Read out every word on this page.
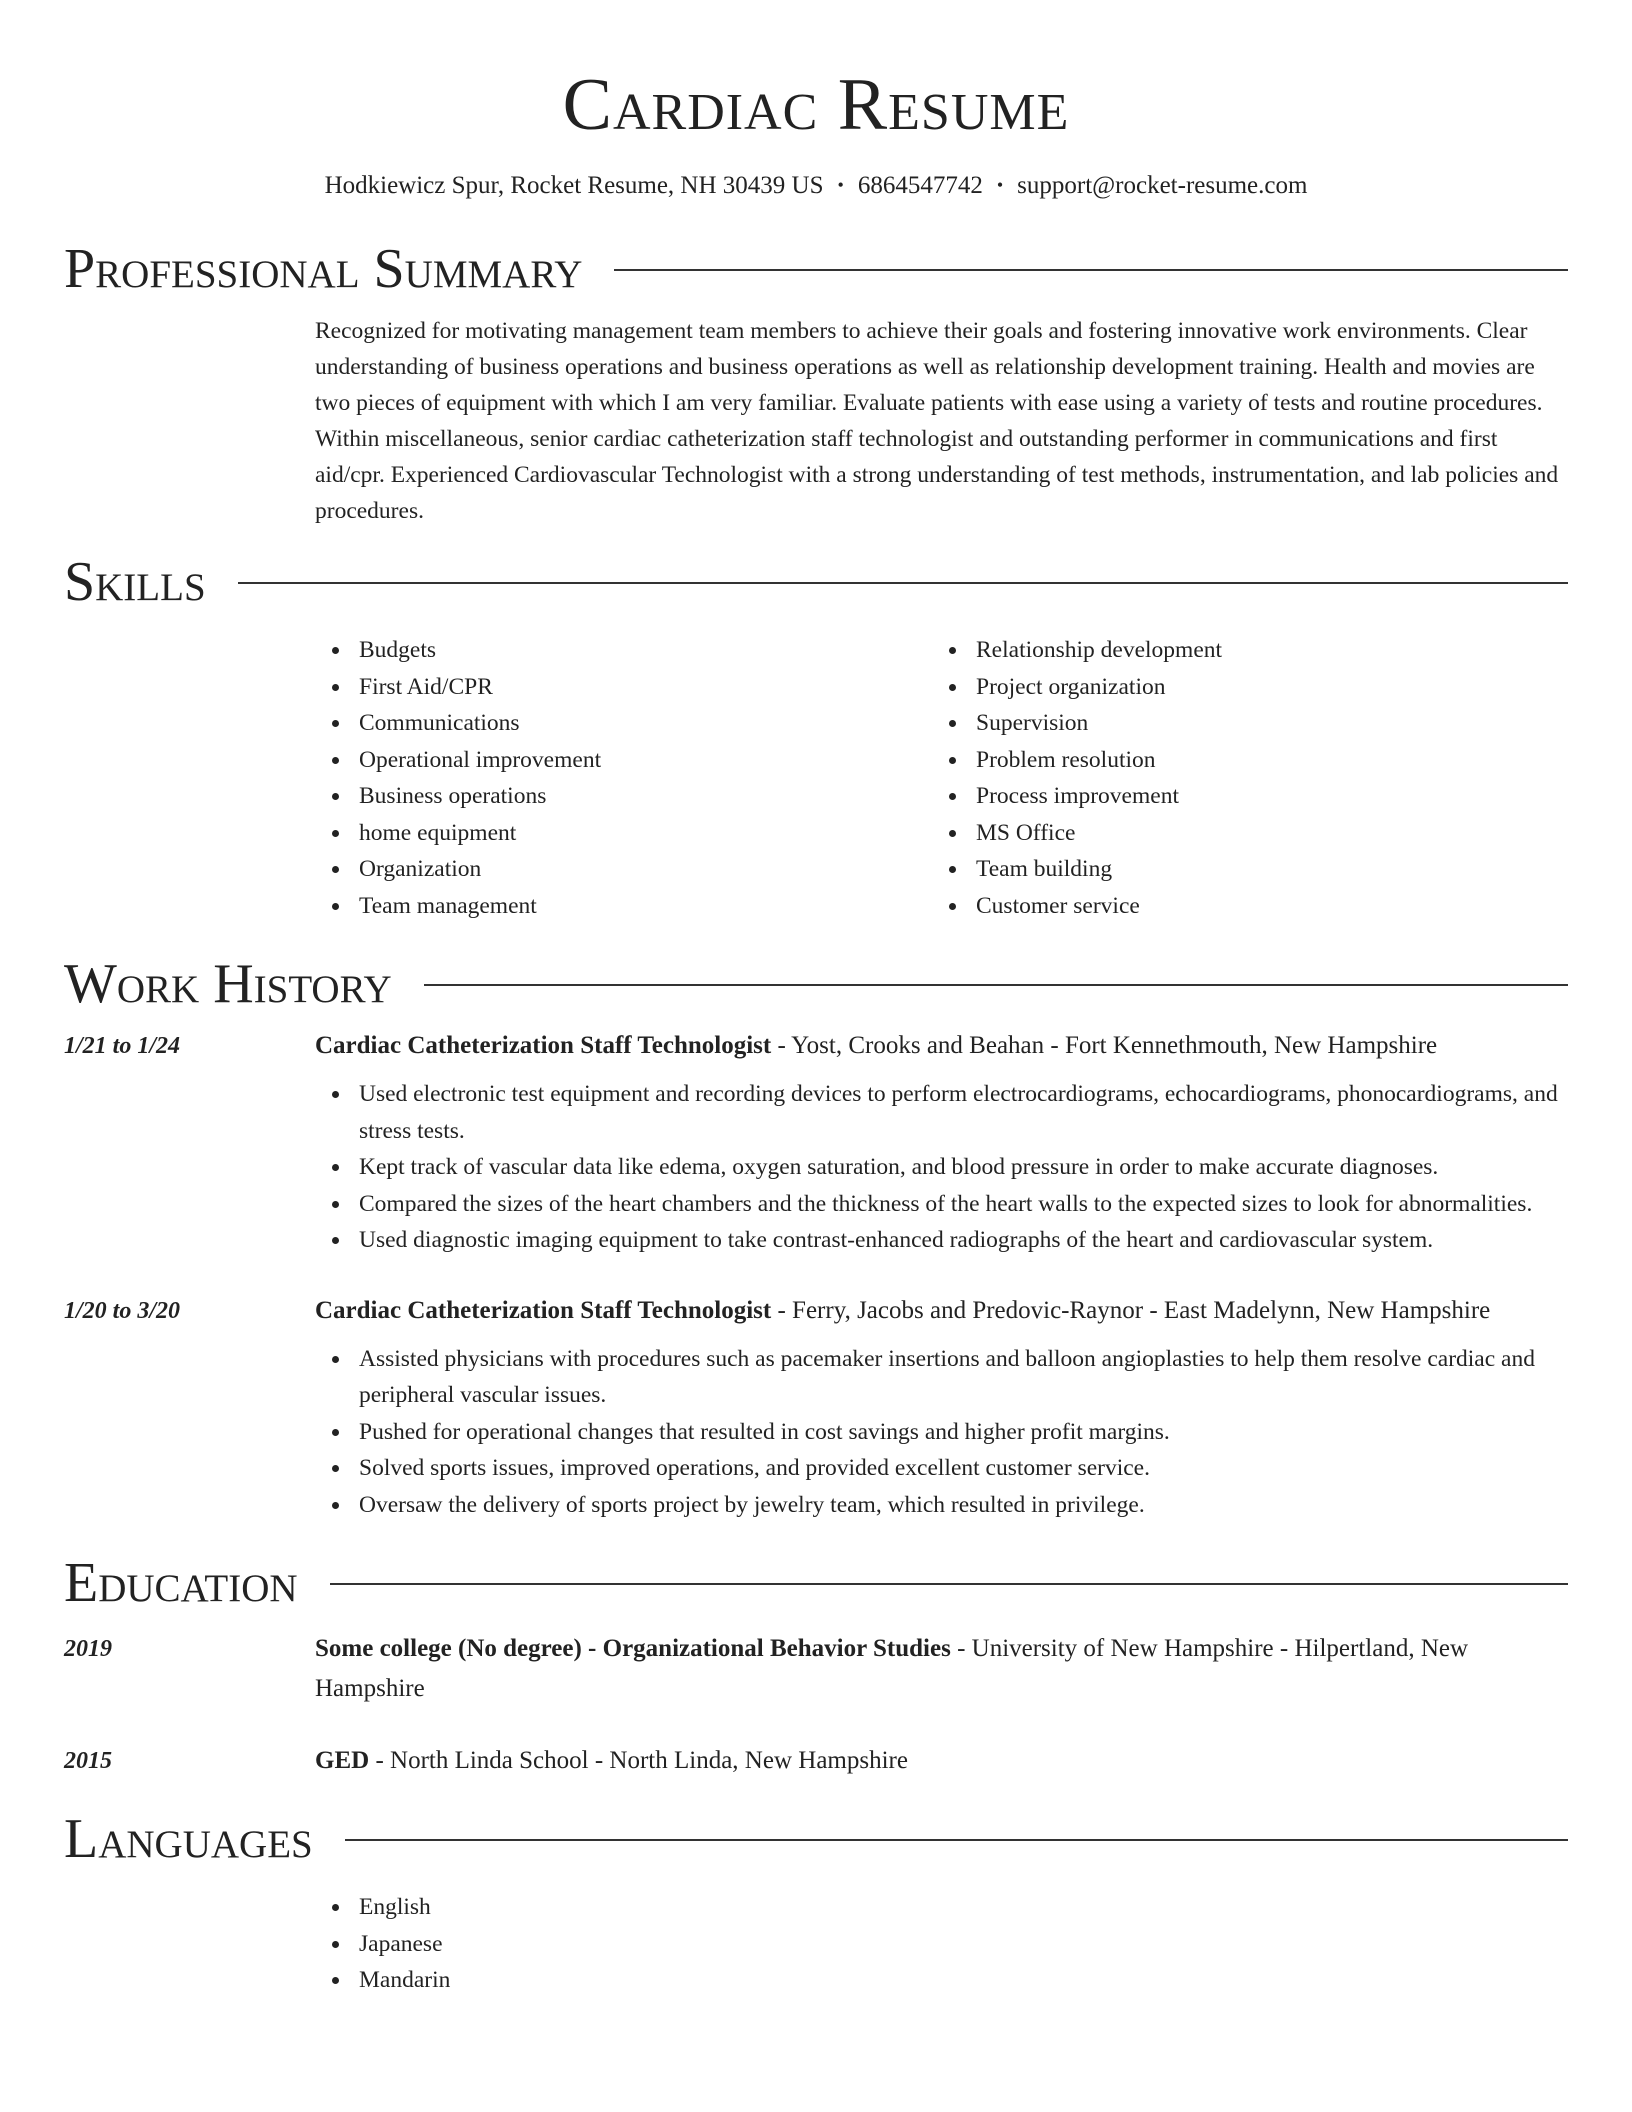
Cardiac Resume
Hodkiewicz Spur, Rocket Resume, NH 30439 US • 6864547742 • support@rocket-resume.com
Professional Summary
Recognized for motivating management team members to achieve their goals and fostering innovative work environments. Clear understanding of business operations and business operations as well as relationship development training. Health and movies are two pieces of equipment with which I am very familiar. Evaluate patients with ease using a variety of tests and routine procedures. Within miscellaneous, senior cardiac catheterization staff technologist and outstanding performer in communications and first aid/cpr. Experienced Cardiovascular Technologist with a strong understanding of test methods, instrumentation, and lab policies and procedures.
Skills
Budgets
First Aid/CPR
Communications
Operational improvement
Business operations
home equipment
Organization
Team management
Relationship development
Project organization
Supervision
Problem resolution
Process improvement
MS Office
Team building
Customer service
Work History
1/21 to 1/24	Cardiac Catheterization Staff Technologist - Yost, Crooks and Beahan - Fort Kennethmouth, New Hampshire
Used electronic test equipment and recording devices to perform electrocardiograms, echocardiograms, phonocardiograms, and stress tests.
Kept track of vascular data like edema, oxygen saturation, and blood pressure in order to make accurate diagnoses.
Compared the sizes of the heart chambers and the thickness of the heart walls to the expected sizes to look for abnormalities.
Used diagnostic imaging equipment to take contrast-enhanced radiographs of the heart and cardiovascular system.
1/20 to 3/20	Cardiac Catheterization Staff Technologist - Ferry, Jacobs and Predovic-Raynor - East Madelynn, New Hampshire
Assisted physicians with procedures such as pacemaker insertions and balloon angioplasties to help them resolve cardiac and peripheral vascular issues.
Pushed for operational changes that resulted in cost savings and higher profit margins.
Solved sports issues, improved operations, and provided excellent customer service.
Oversaw the delivery of sports project by jewelry team, which resulted in privilege.
Education
2019	Some college (No degree) - Organizational Behavior Studies - University of New Hampshire - Hilpertland, New Hampshire
2015	GED - North Linda School - North Linda, New Hampshire
Languages
English
Japanese
Mandarin
